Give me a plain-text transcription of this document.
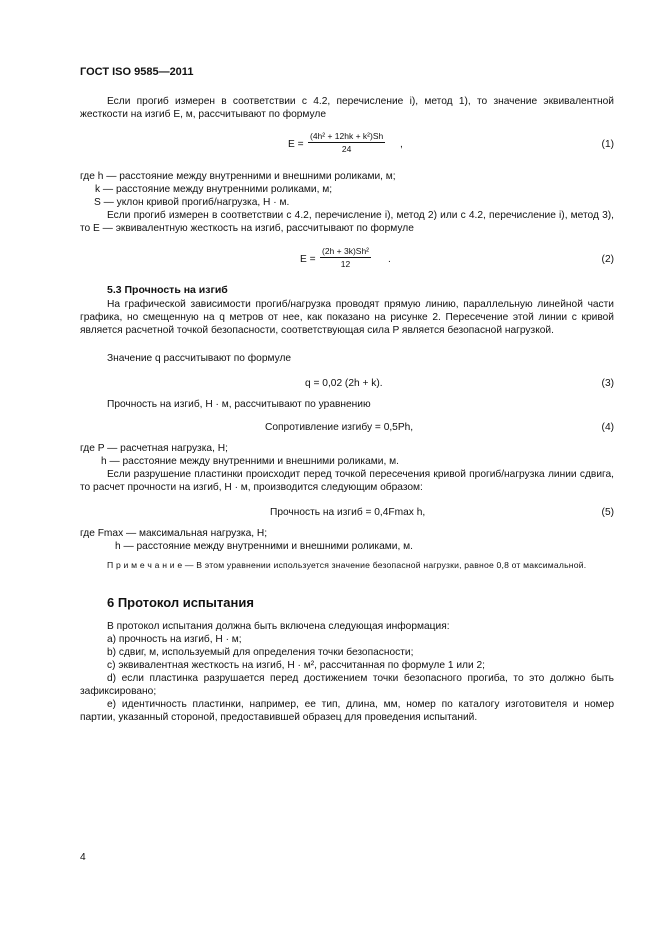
ГОСТ ISO 9585—2011
Если прогиб измерен в соответствии с 4.2, перечисление i), метод 1), то значение эквивалентной жесткости на изгиб E, м, рассчитывают по формуле
$E = \frac{\text{(4h² + 12hk + k²)Sh}}{24}$ ,	(1)
где h — расстояние между внутренними и внешними роликами, м;
k — расстояние между внутренними роликами, м;
S — уклон кривой прогиб/нагрузка, Н · м.
Если прогиб измерен в соответствии с 4.2, перечисление i), метод 2) или с 4.2, перечисление i), метод 3), то E — эквивалентную жесткость на изгиб, рассчитывают по формуле
$E = \frac{\text{(2h + 3k)Sh²}}{12}$ .	(2)
5.3 Прочность на изгиб
На графической зависимости прогиб/нагрузка проводят прямую линию, параллельную линейной части графика, но смещенную на q метров от нее, как показано на рисунке 2. Пересечение этой линии с кривой является расчетной точкой безопасности, соответствующая сила P является безопасной нагрузкой.
Значение q рассчитывают по формуле
q = 0,02 (2h + k).	(3)
Прочность на изгиб, Н · м, рассчитывают по уравнению
Сопротивление изгибу = 0,5Ph,	(4)
где P — расчетная нагрузка, Н;
h — расстояние между внутренними и внешними роликами, м.
Если разрушение пластинки происходит перед точкой пересечения кривой прогиб/нагрузка линии сдвига, то расчет прочности на изгиб, Н · м, производится следующим образом:
Прочность на изгиб = 0,4Fmax h,	(5)
где Fmax — максимальная нагрузка, Н;
h — расстояние между внутренними и внешними роликами, м.
П р и м е ч а н и е — В этом уравнении используется значение безопасной нагрузки, равное 0,8 от максимальной.
6 Протокол испытания
В протокол испытания должна быть включена следующая информация:
a) прочность на изгиб, Н · м;
b) сдвиг, м, используемый для определения точки безопасности;
c) эквивалентная жесткость на изгиб, Н · м², рассчитанная по формуле 1 или 2;
d) если пластинка разрушается перед достижением точки безопасного прогиба, то это должно быть зафиксировано;
e) идентичность пластинки, например, ее тип, длина, мм, номер по каталогу изготовителя и номер партии, указанный стороной, предоставившей образец для проведения испытаний.
4
